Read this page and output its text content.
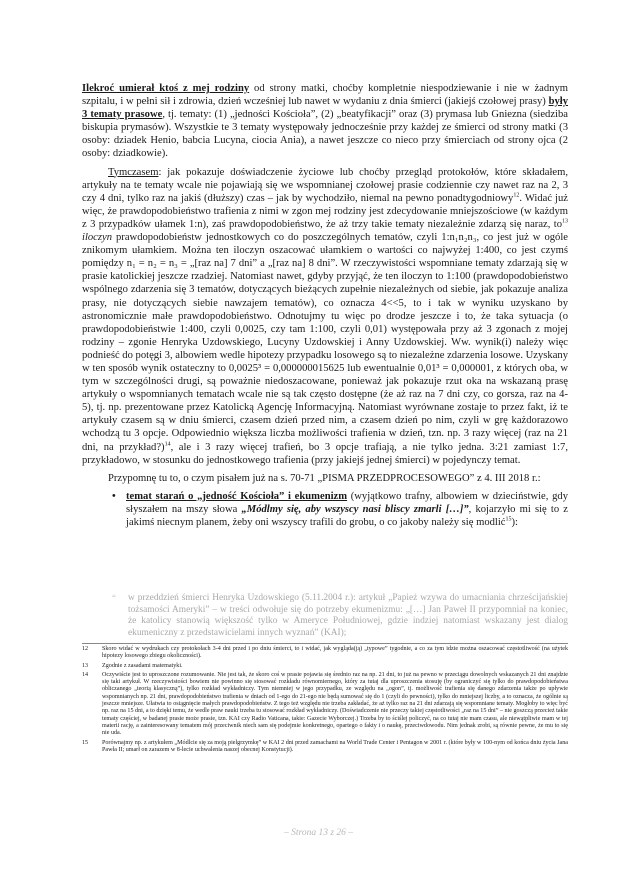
Ilekroć umierał ktoś z mej rodziny od strony matki, choćby kompletnie niespodziewanie i nie w żadnym szpitalu, i w pełni sił i zdrowia, dzień wcześniej lub nawet w wydaniu z dnia śmierci (jakiejś czołowej prasy) były 3 tematy prasowe, tj. tematy: (1) „jedności Kościoła”, (2) „beatyfikacji” oraz (3) prymasa lub Gniezna (siedziba biskupia prymasów). Wszystkie te 3 tematy występowały jednocześnie przy każdej ze śmierci od strony matki (3 osoby: dziadek Henio, babcia Lucyna, ciocia Ania), a nawet jeszcze co nieco przy śmierciach od strony ojca (2 osoby: dziadkowie).

Tymczasem: jak pokazuje doświadczenie życiowe lub choćby przegląd protokołów, które składałem, artykuły na te tematy wcale nie pojawiają się we wspomnianej czołowej prasie codziennie czy nawet raz na 2, 3 czy 4 dni, tylko raz na jakiś (dłuższy) czas – jak by wychodziło, niemal na pewno ponadtygodniowy$^{12}$. Widać już więc, że prawdopodobieństwo trafienia z nimi w zgon mej rodziny jest zdecydowanie mniejszościowe (w każdym z 3 przypadków ułamek 1:n), zaś prawdopodobieństwo, że aż trzy takie tematy niezależnie zdarzą się naraz, $to^{13}$ iloczyn prawdopodobieństw jednostkowych co do poszczególnych tematów, czyli 1:n₁n₂n₃, co jest już w ogóle znikomym ułamkiem. Można ten iloczyn oszacować ułamkiem o wartości co najwyżej 1:400, co jest czymś pomiędzy n₁ = n₂ = n₃ = „[raz na] 7 dni” a „[raz na] 8 dni”. W rzeczywistości wspomniane tematy zdarzają się w prasie katolickiej jeszcze rzadziej. Natomiast nawet, gdyby przyjąć, że ten iloczyn to 1:100 (prawdopodobieństwo wspólnego zdarzenia się 3 tematów, dotyczących bieżących zupełnie niezależnych od siebie, jak pokazuje analiza prasy, nie dotyczących siebie nawzajem tematów), co oznacza 4<<5, to i tak w wyniku uzyskano by astronomicznie małe prawdopodobieństwo. Odnotujmy tu więc po drodze jeszcze i to, że taka sytuacja (o prawdopodobieństwie 1:400, czyli 0,0025, czy tam 1:100, czyli 0,01) występowała przy aż 3 zgonach z mojej rodziny – zgonie Henryka Uzdowskiego, Lucyny Uzdowskiej i Anny Uzdowskiej. Ww. wynik(i) należy więc podnieść do potęgi 3, albowiem wedle hipotezy przypadku losowego są to niezależne zdarzenia losowe. Uzyskany w ten sposób wynik ostateczny to 0,0025³ = 0,000000015625 lub ewentualnie 0,01³ = 0,000001, z których oba, w tym w szczególności drugi, są poważnie niedoszacowane, ponieważ jak pokazuje rzut oka na wskazaną prasę artykuły o wspomnianych tematach wcale nie są tak często dostępne (że aż raz na 7 dni czy, co gorsza, raz na 4-5), tj. np. prezentowane przez Katolicką Agencję Informacyjną. Natomiast wyrównane zostaje to przez fakt, iż te artykuły czasem są w dniu śmierci, czasem dzień przed nim, a czasem dzień po nim, czyli w grę każdorazowo wchodzą tu 3 opcje. Odpowiednio większa liczba możliwości trafienia w dzień, tzn. np. 3 razy więcej (raz na 21 dni, na przykład?)$^{14}$, ale i 3 razy więcej trafień, bo 3 opcje trafiają, a nie tylko jedna. 3:21 zamiast 1:7, przykładowo, w stosunku do jednostkowego trafienia (przy jakiejś jednej śmierci) w pojedynczy temat.

Przypomnę tu to, o czym pisałem już na s. 70-71 „PISMA PRZEDPROCESOWEGO” z 4. III 2018 r.:

• temat starań o „jedność Kościoła” i ekumenizm (wyjątkowo trafny, albowiem w dzieciństwie, gdy słyszałem na mszy słowa „Módlmy się, aby wszyscy nasi bliscy zmarli […]”, kojarzyło mi się to z jakimś niecnym planem, żeby oni wszyscy trafili do grobu, o co jakoby należy się modlić$^{15}$):
“ w przeddzień śmierci Henryka Uzdowskiego (5.11.2004 r.): artykuł „Papież wzywa do umacniania chrześcijańskiej tożsamości Ameryki” – w treści odwołuje się do potrzeby ekumenizmu: „[…] Jan Paweł II przypomniał na koniec, że katolicy stanowią większość tylko w Ameryce Południowej, gdzie indziej natomiast wskazany jest dialog ekumeniczny z przedstawicielami innych wyznań” (KAI);
12	Skoro widać w wydrukach czy protokołach 3-4 dni przed i po dniu śmierci, to i widać, jak wygląda(ją) „typowe” tygodnie, a co za tym idzie można oszacować częstotliwość (na użytek hipotezy losowego zbiegu okoliczności).
13	Zgodnie z zasadami matematyki.
14	Oczywiście jest to uproszczone rozumowanie. Nie jest tak, że skoro coś w prasie pojawia się średnio raz na np. 21 dni, to już na pewno w przeciągu dowolnych wskazanych 21 dni znajdzie się taki artykuł. W rzeczywistości bowiem nie powinno się stosować rozkładu równomiernego, który za tutaj dla uproszczenia stosuję (by ograniczyć się tylko do prawdopodobieństwa obliczanego „teorią klasyczną”), tylko rozkład wykładniczy. Tym niemniej w jego przypadku, ze względu na „ogon”, tj. możliwość trafienia się danego zdarzenia także po upływie wspomnianych np. 21 dni, prawdopodobieństwo trafienia w dniach od 1-ego do 21-ego nie będą sumować się do 1 (czyli do pewności), tylko do mniejszej liczby, a to oznacza, że ogólnie są jeszcze mniejsze. Ułatwia to osiągnięcie małych prawdopodobieństw. Z tego też względu nie trzeba zakładać, że aż tylko raz na 21 dni zdarzają się wspomniane tematy. Mogłoby to więc być np. raz na 15 dni, a to dzięki temu, że wedle praw nauki trzeba tu stosować rozkład wykładniczy. (Doświadczenie nie przeczy takiej częstotliwości „raz na 15 dni” – nie goszczą przecież takie tematy częściej, w badanej prasie może prasie, tzn. KAI czy Radio Vaticana, takie: Gazecie Wyborczej.) Trzeba by to ściślej policzyć, na co tutaj nie mam czasu, ale niewątpliwie mam w tej materii rację, a zainteresowany tematem mój przeciwnik niech sam się podejmie konkretnego, opartego o fakty i o naukę, przeciwdowodu. Nim jednak zrobi, są równie pewne, że mu to się nie uda.
15	Porównajmy np. z artykułem „Módlcie się za moją pielgrzymkę” w KAI 2 dni przed zamachami na World Trade Center i Pentagon w 2001 r. (które były w 100-nym od końca dniu życia Jana Pawła II; umarł on zarazem w 8-lecie uchwalenia naszej obecnej Konstytucji).
– Strona 13 z 26 –
